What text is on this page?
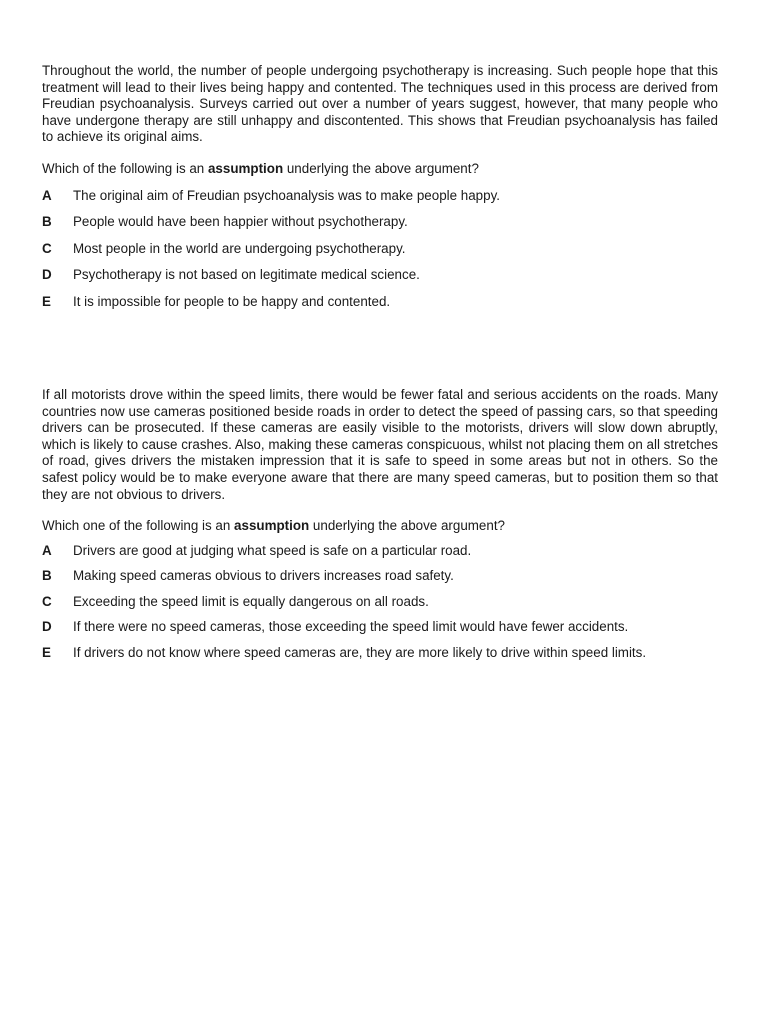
Throughout the world, the number of people undergoing psychotherapy is increasing. Such people hope that this treatment will lead to their lives being happy and contented. The techniques used in this process are derived from Freudian psychoanalysis. Surveys carried out over a number of years suggest, however, that many people who have undergone therapy are still unhappy and discontented. This shows that Freudian psychoanalysis has failed to achieve its original aims.

Which of the following is an assumption underlying the above argument?

A	The original aim of Freudian psychoanalysis was to make people happy.
B	People would have been happier without psychotherapy.
C	Most people in the world are undergoing psychotherapy.
D	Psychotherapy is not based on legitimate medical science.
E	It is impossible for people to be happy and contented.

If all motorists drove within the speed limits, there would be fewer fatal and serious accidents on the roads. Many countries now use cameras positioned beside roads in order to detect the speed of passing cars, so that speeding drivers can be prosecuted. If these cameras are easily visible to the motorists, drivers will slow down abruptly, which is likely to cause crashes. Also, making these cameras conspicuous, whilst not placing them on all stretches of road, gives drivers the mistaken impression that it is safe to speed in some areas but not in others. So the safest policy would be to make everyone aware that there are many speed cameras, but to position them so that they are not obvious to drivers.

Which one of the following is an assumption underlying the above argument?

A	Drivers are good at judging what speed is safe on a particular road.
B	Making speed cameras obvious to drivers increases road safety.
C	Exceeding the speed limit is equally dangerous on all roads.
D	If there were no speed cameras, those exceeding the speed limit would have fewer accidents.
E	If drivers do not know where speed cameras are, they are more likely to drive within speed limits.
